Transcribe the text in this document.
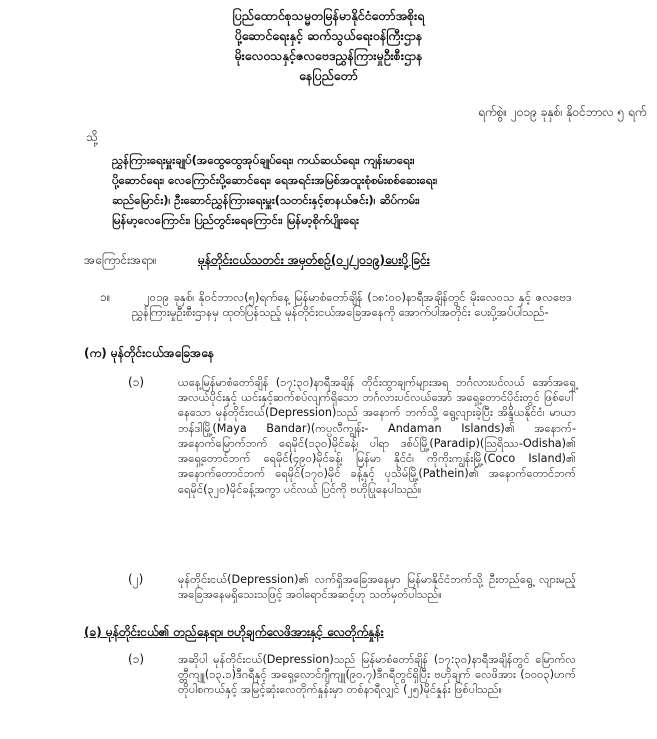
ပြည်ထောင်စုသမ္မတမြန်မာနိုင်ငံတော်အစိုးရ
ပို့ဆောင်ရေးနှင့် ဆက်သွယ်ရေးဝန်ကြီးဌာန
မိုးလေဝသနှင့်ဇလဗေဒညွှန်ကြားမှုဦးစီးဌာန
နေပြည်တော်
ရက်စွဲ။ ၂၀၁၉ ခုနှစ်၊ နိုဝင်ဘာလ ၅ ရက်
သို့
ညွှန်ကြားရေးမှူးချုပ်(အထွေထွေအုပ်ချုပ်ရေး၊ ကယ်ဆယ်ရေး၊ ကျန်းမာရေး၊
ပို့ဆောင်ရေး၊ လေကြောင်းပို့ဆောင်ရေး၊ ရေအရင်းအမြစ်အထူးစုံစမ်းစစ်ဆေးရေး၊
ဆည်မြောင်း)၊ ဦးဆောင်ညွှန်ကြားရေးမှူး(သတင်းနှင့်စာနယ်ဇင်း)၊ ဆိပ်ကမ်း၊
မြန်မာ့လေကြောင်း၊ ပြည်တွင်းရေကြောင်း၊ မြန်မာ့စိုက်ပျိုးရေး
အကြောင်းအရာ။	မုန်တိုင်းငယ်သတင်း အမှတ်စဉ်(၀၂/၂၀၁၉)ပေးပို့ခြင်း
၁။	၂၀၁၉ ခုနှစ်၊ နိုဝင်ဘာလ(၅)ရက်နေ့ မြန်မာစံတော်ချိန် (၁၈:၀၀)နာရီအချိန်တွင် မိုးလေဝသ နှင့် ဇလဗေဒညွှန်ကြားမှုဦးစီးဌာနမှ ထုတ်ပြန်သည့် မုန်တိုင်းငယ်အခြေအနေကို အောက်ပါအတိုင်း ပေးပို့အပ်ပါသည်-
(က) မုန်တိုင်းငယ်အခြေအနေ
(၁)	ယနေ့မြန်မာစံတော်ချိန် (၁၇:၃၀)နာရီအချိန် တိုင်းထွာချက်များအရ ဘင်္ဂလားပင်လယ် အော်အရှေ့အလယ်ပိုင်းနှင့် ယင်းနှင့်ဆက်စပ်လျက်ရှိသော ဘင်္ဂလားပင်လယ်အော် အရှေ့တောင်ပိုင်းတွင် ဖြစ်ပေါ်နေသော မုန်တိုင်းငယ်(Depression)သည် အနောက် ဘက်သို့ ရွေ့လျားခဲ့ပြီး အိန္ဒိယနိုင်ငံ၊ မာယာဘန်ဒါမြို့(Maya Bandar)(ကပ္ပလီကျွန်း- Andaman Islands)၏ အနောက်-အနောက်မြောက်ဘက် ရေမိုင်(၁၃၀)မိုင်ခန့်၊ ပါရာ ဒစ်ပ်မြို့(Paradip)(ဩရိဿ-Odisha)၏ အရှေ့တောင်ဘက် ရေမိုင်(၄၉၀)မိုင်ခန့်၊ မြန်မာ နိုင်ငံ၊ ကိုကိုးကျွန်းမြို့(Coco Island)၏ အနောက်တောင်ဘက် ရေမိုင်(၁၇၀)မိုင် ခန့်နှင့် ပုသိမ်မြို့(Pathein)၏ အနောက်တောင်ဘက် ရေမိုင်(၃၂၀)မိုင်ခန့်အကွာ ပင်လယ် ပြင်ကို ဗဟိုပြုနေပါသည်။
(၂)	မုန်တိုင်းငယ်(Depression)၏ လက်ရှိအခြေအနေမှာ မြန်မာနိုင်ငံဘက်သို့ ဦးတည်ရွေ့ လျားမည့် အခြေအနေမရှိသေးသဖြင့် အဝါရောင်အဆင့်ဟု သတ်မှတ်ပါသည်။
(ခ) မုန်တိုင်းငယ်၏ တည်နေရာ၊ ဗဟိုချက်လေဖိအားနှင့် လေတိုက်နှုန်း
(၁)	အဆိုပါ မုန်တိုင်းငယ်(Depression)သည် မြန်မာစံတော်ချိန် (၁၇:၃၀)နာရီအချိန်တွင် မြောက်လတ္တီကျူ(၁၃.၁)ဒီဂရီနှင့် အရှေ့လောင်ဂျီကျူ(၉၀.၇)ဒီဂရီတွင်ရှိပြီး ဗဟိုချက် လေဖိအား (၁၀၀၃)ဟက်တိုပါစကယ်နှင့် အမြင့်ဆုံးလေတိုက်နှုန်းမှာ တစ်နာရီလျှင် (၂၅)မိုင်နှုန်း ဖြစ်ပါသည်။
